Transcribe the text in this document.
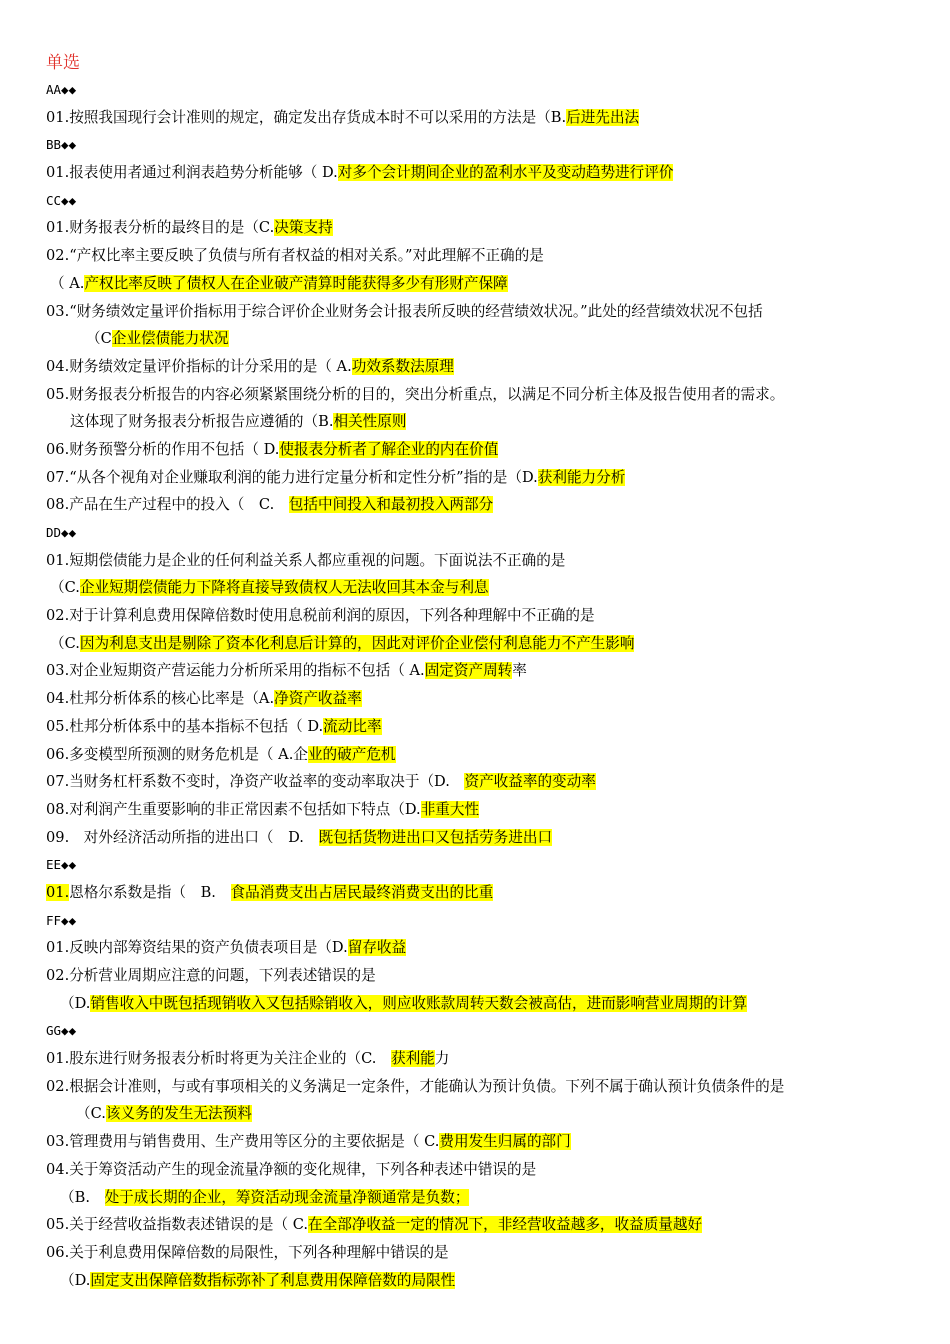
单选
AA◆◆
01.按照我国现行会计准则的规定，确定发出存货成本时不可以采用的方法是（B.后进先出法
BB◆◆
01.报表使用者通过利润表趋势分析能够（ D.对多个会计期间企业的盈利水平及变动趋势进行评价
CC◆◆
01.财务报表分析的最终目的是（C.决策支持
02.“产权比率主要反映了负债与所有者权益的相对关系。”对此理解不正确的是
（ A.产权比率反映了债权人在企业破产清算时能获得多少有形财产保障
03.“财务绩效定量评价指标用于综合评价企业财务会计报表所反映的经营绩效状况。”此处的经营绩效状况不包括
（C企业偿债能力状况
04.财务绩效定量评价指标的计分采用的是（ A.功效系数法原理
05.财务报表分析报告的内容必须紧紧围绕分析的目的，突出分析重点，以满足不同分析主体及报告使用者的需求。
这体现了财务报表分析报告应遵循的（B.相关性原则
06.财务预警分析的作用不包括（ D.使报表分析者了解企业的内在价值
07.“从各个视角对企业赚取利润的能力进行定量分析和定性分析”指的是（D.获利能力分析
08.产品在生产过程中的投入（　C.　包括中间投入和最初投入两部分
DD◆◆
01.短期偿债能力是企业的任何利益关系人都应重视的问题。下面说法不正确的是
（C.企业短期偿债能力下降将直接导致债权人无法收回其本金与利息
02.对于计算利息费用保障倍数时使用息税前利润的原因，下列各种理解中不正确的是
（C.因为利息支出是剔除了资本化利息后计算的，因此对评价企业偿付利息能力不产生影响
03.对企业短期资产营运能力分析所采用的指标不包括（ A.固定资产周转率
04.杜邦分析体系的核心比率是（A.净资产收益率
05.杜邦分析体系中的基本指标不包括（ D.流动比率
06.多变模型所预测的财务危机是（ A.企业的破产危机
07.当财务杠杆系数不变时，净资产收益率的变动率取决于（D.　资产收益率的变动率
08.对利润产生重要影响的非正常因素不包括如下特点（D.非重大性
09.　对外经济活动所指的进出口（　D.　既包括货物进出口又包括劳务进出口
EE◆◆
01.恩格尔系数是指（　B.　食品消费支出占居民最终消费支出的比重
FF◆◆
01.反映内部筹资结果的资产负债表项目是（D.留存收益
02.分析营业周期应注意的问题，下列表述错误的是
（D.销售收入中既包括现销收入又包括赊销收入，则应收账款周转天数会被高估，进而影响营业周期的计算
GG◆◆
01.股东进行财务报表分析时将更为关注企业的（C.　获利能力
02.根据会计准则，与或有事项相关的义务满足一定条件，才能确认为预计负债。下列不属于确认预计负债条件的是
（C.该义务的发生无法预料
03.管理费用与销售费用、生产费用等区分的主要依据是（ C.费用发生归属的部门
04.关于筹资活动产生的现金流量净额的变化规律，下列各种表述中错误的是
（B.　处于成长期的企业，筹资活动现金流量净额通常是负数；
05.关于经营收益指数表述错误的是（ C.在全部净收益一定的情况下，非经营收益越多，收益质量越好
06.关于利息费用保障倍数的局限性，下列各种理解中错误的是
（D.固定支出保障倍数指标弥补了利息费用保障倍数的局限性
